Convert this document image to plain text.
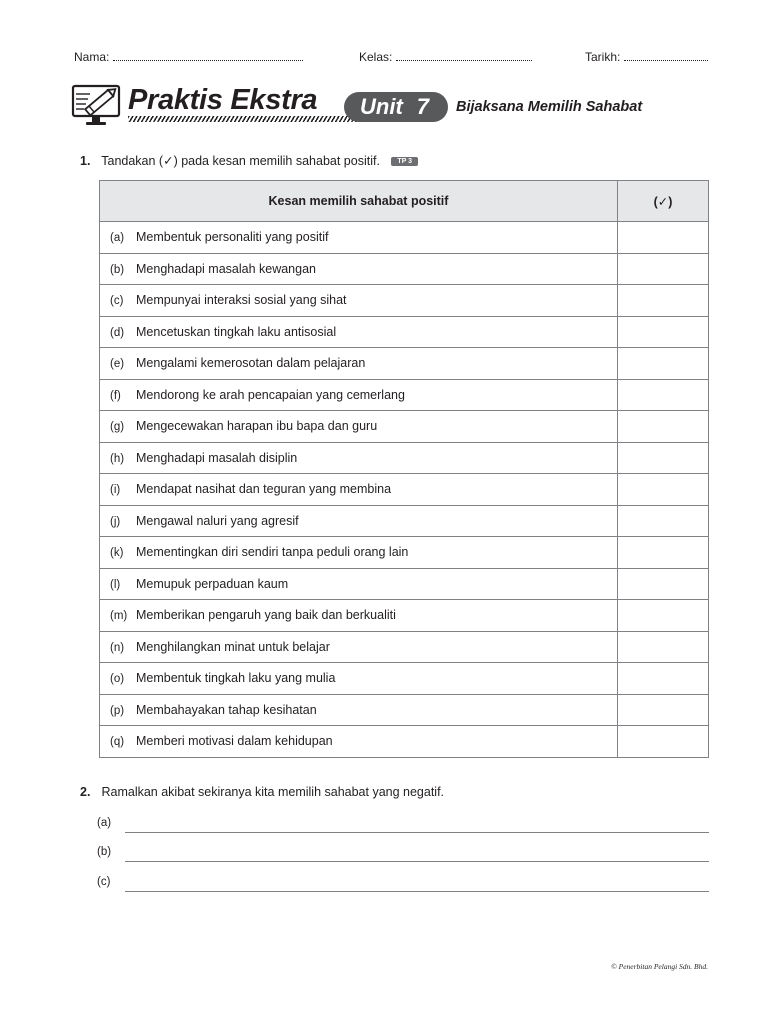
Nama:	Kelas:	Tarikh:
Praktis Ekstra	Unit 7	Bijaksana Memilih Sahabat
1. Tandakan (✓) pada kesan memilih sahabat positif. TP 3
Kesan memilih sahabat positif	(✓)
(a) Membentuk personaliti yang positif	
(b) Menghadapi masalah kewangan	
(c) Mempunyai interaksi sosial yang sihat	
(d) Mencetuskan tingkah laku antisosial	
(e) Mengalami kemerosotan dalam pelajaran	
(f) Mendorong ke arah pencapaian yang cemerlang	
(g) Mengecewakan harapan ibu bapa dan guru	
(h) Menghadapi masalah disiplin	
(i) Mendapat nasihat dan teguran yang membina	
(j) Mengawal naluri yang agresif	
(k) Mementingkan diri sendiri tanpa peduli orang lain	
(l) Memupuk perpaduan kaum	
(m) Memberikan pengaruh yang baik dan berkualiti	
(n) Menghilangkan minat untuk belajar	
(o) Membentuk tingkah laku yang mulia	
(p) Membahayakan tahap kesihatan	
(q) Memberi motivasi dalam kehidupan	
2. Ramalkan akibat sekiranya kita memilih sahabat yang negatif.
(a)
(b)
(c)
© Penerbitan Pelangi Sdn. Bhd.
